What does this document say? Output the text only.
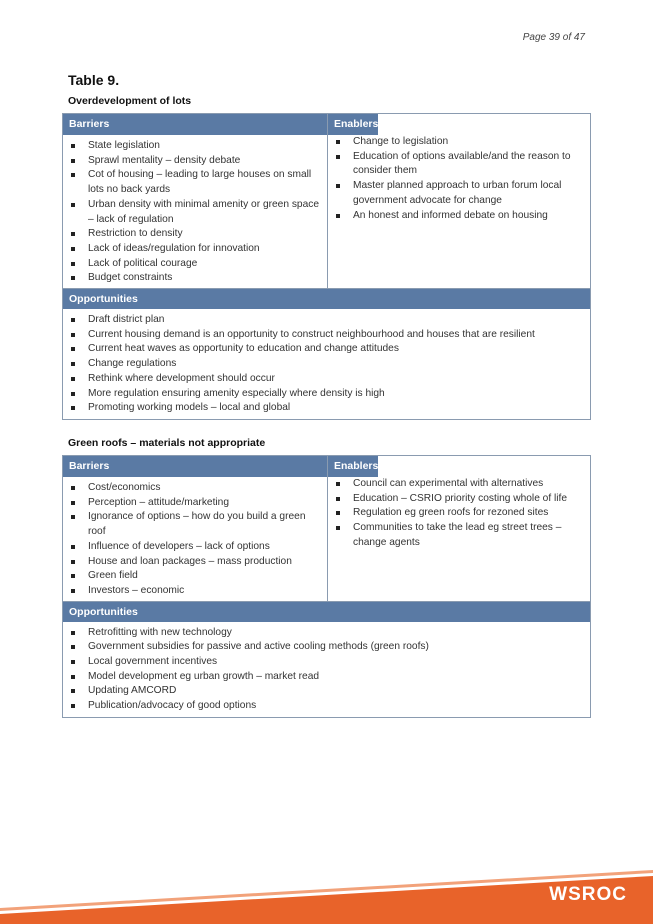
Page 39 of 47
Table 9.
Overdevelopment of lots
Barriers	Enablers
State legislation
Sprawl mentality – density debate
Cot of housing – leading to large houses on small lots no back yards
Urban density with minimal amenity or green space – lack of regulation
Restriction to density
Lack of ideas/regulation for innovation
Lack of political courage
Budget constraints
Change to legislation
Education of options available/and the reason to consider them
Master planned approach to urban forum local government advocate for change
An honest and informed debate on housing
Opportunities
Draft district plan
Current housing demand is an opportunity to construct neighbourhood and houses that are resilient
Current heat waves as opportunity to education and change attitudes
Change regulations
Rethink where development should occur
More regulation ensuring amenity especially where density is high
Promoting working models – local and global
Green roofs – materials not appropriate
Barriers	Enablers
Cost/economics
Perception – attitude/marketing
Ignorance of options – how do you build a green roof
Influence of developers – lack of options
House and loan packages – mass production
Green field
Investors – economic
Council can experimental with alternatives
Education – CSRIO priority costing whole of life
Regulation eg green roofs for rezoned sites
Communities to take the lead eg street trees – change agents
Opportunities
Retrofitting with new technology
Government subsidies for passive and active cooling methods (green roofs)
Local government incentives
Model development eg urban growth – market read
Updating AMCORD
Publication/advocacy of good options
WSROC
